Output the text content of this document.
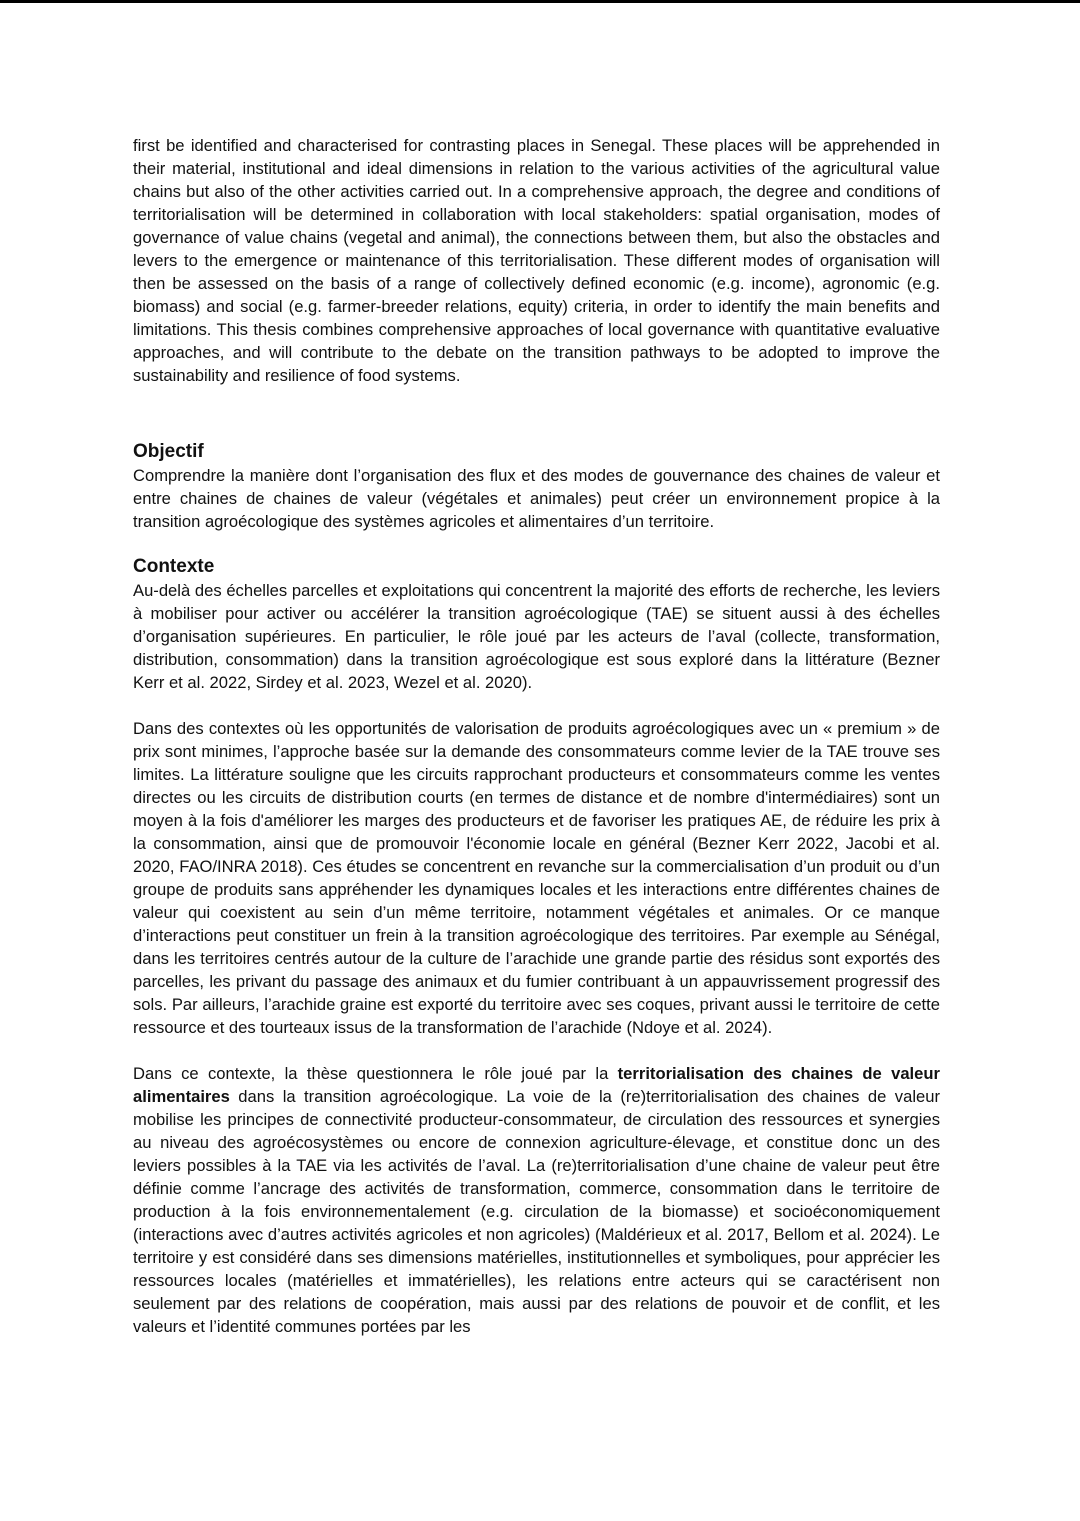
first be identified and characterised for contrasting places in Senegal. These places will be apprehended in their material, institutional and ideal dimensions in relation to the various activities of the agricultural value chains but also of the other activities carried out. In a comprehensive approach, the degree and conditions of territorialisation will be determined in collaboration with local stakeholders: spatial organisation, modes of governance of value chains (vegetal and animal), the connections between them, but also the obstacles and levers to the emergence or maintenance of this territorialisation. These different modes of organisation will then be assessed on the basis of a range of collectively defined economic (e.g. income), agronomic (e.g. biomass) and social (e.g. farmer-breeder relations, equity) criteria, in order to identify the main benefits and limitations. This thesis combines comprehensive approaches of local governance with quantitative evaluative approaches, and will contribute to the debate on the transition pathways to be adopted to improve the sustainability and resilience of food systems.

Objectif

Comprendre la manière dont l’organisation des flux et des modes de gouvernance des chaines de valeur et entre chaines de chaines de valeur (végétales et animales) peut créer un environnement propice à la transition agroécologique des systèmes agricoles et alimentaires d’un territoire.

Contexte

Au-delà des échelles parcelles et exploitations qui concentrent la majorité des efforts de recherche, les leviers à mobiliser pour activer ou accélérer la transition agroécologique (TAE) se situent aussi à des échelles d’organisation supérieures. En particulier, le rôle joué par les acteurs de l’aval (collecte, transformation, distribution, consommation) dans la transition agroécologique est sous exploré dans la littérature (Bezner Kerr et al. 2022, Sirdey et al. 2023, Wezel et al. 2020).

Dans des contextes où les opportunités de valorisation de produits agroécologiques avec un « premium » de prix sont minimes, l’approche basée sur la demande des consommateurs comme levier de la TAE trouve ses limites. La littérature souligne que les circuits rapprochant producteurs et consommateurs comme les ventes directes ou les circuits de distribution courts (en termes de distance et de nombre d'intermédiaires) sont un moyen à la fois d'améliorer les marges des producteurs et de favoriser les pratiques AE, de réduire les prix à la consommation, ainsi que de promouvoir l'économie locale en général (Bezner Kerr 2022, Jacobi et al. 2020, FAO/INRA 2018). Ces études se concentrent en revanche sur la commercialisation d’un produit ou d’un groupe de produits sans appréhender les dynamiques locales et les interactions entre différentes chaines de valeur qui coexistent au sein d’un même territoire, notamment végétales et animales. Or ce manque d’interactions peut constituer un frein à la transition agroécologique des territoires. Par exemple au Sénégal, dans les territoires centrés autour de la culture de l’arachide une grande partie des résidus sont exportés des parcelles, les privant du passage des animaux et du fumier contribuant à un appauvrissement progressif des sols. Par ailleurs, l’arachide graine est exporté du territoire avec ses coques, privant aussi le territoire de cette ressource et des tourteaux issus de la transformation de l’arachide (Ndoye et al. 2024).

Dans ce contexte, la thèse questionnera le rôle joué par la territorialisation des chaines de valeur alimentaires dans la transition agroécologique. La voie de la (re)territorialisation des chaines de valeur mobilise les principes de connectivité producteur-consommateur, de circulation des ressources et synergies au niveau des agroécosystèmes ou encore de connexion agriculture-élevage, et constitue donc un des leviers possibles à la TAE via les activités de l’aval. La (re)territorialisation d’une chaine de valeur peut être définie comme l’ancrage des activités de transformation, commerce, consommation dans le territoire de production à la fois environnementalement (e.g. circulation de la biomasse) et socioéconomiquement (interactions avec d’autres activités agricoles et non agricoles) (Maldérieux et al. 2017, Bellom et al. 2024). Le territoire y est considéré dans ses dimensions matérielles, institutionnelles et symboliques, pour apprécier les ressources locales (matérielles et immatérielles), les relations entre acteurs qui se caractérisent non seulement par des relations de coopération, mais aussi par des relations de pouvoir et de conflit, et les valeurs et l’identité communes portées par les
